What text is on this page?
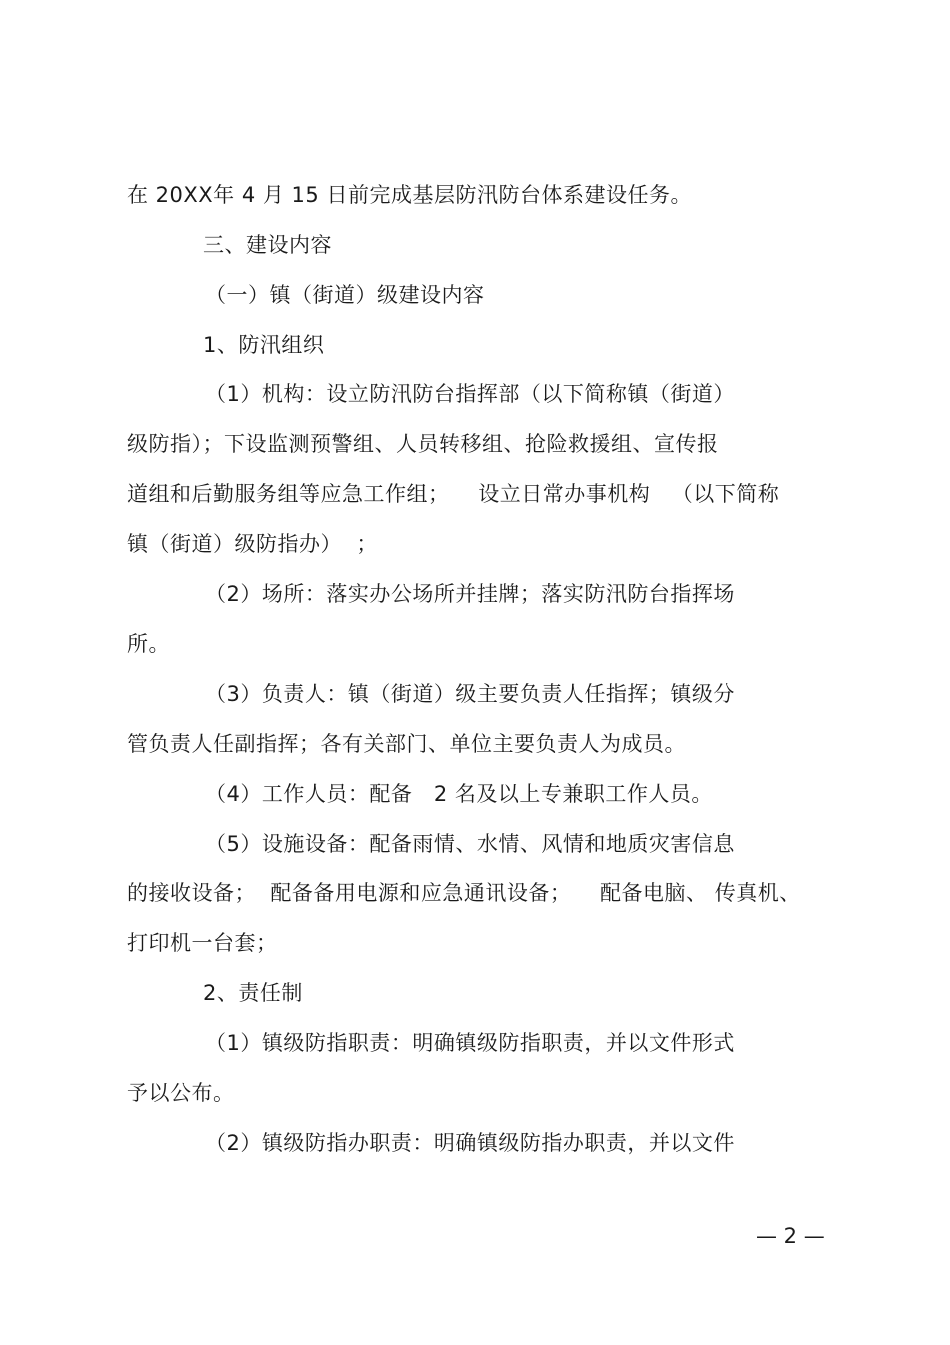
在 20XX年 4 月 15 日前完成基层防汛防台体系建设任务。
三、建设内容
（一）镇（街道）级建设内容
1、防汛组织
（1）机构：设立防汛防台指挥部（以下简称镇（街道）
级防指）；下设监测预警组、人员转移组、抢险救援组、宣传报
道组和后勤服务组等应急工作组；    设立日常办事机构   （以下简称
镇（街道）级防指办）  ；
（2）场所：落实办公场所并挂牌；落实防汛防台指挥场
所。
（3）负责人：镇（街道）级主要负责人任指挥；镇级分
管负责人任副指挥；各有关部门、单位主要负责人为成员。
（4）工作人员：配备   2 名及以上专兼职工作人员。
（5）设施设备：配备雨情、水情、风情和地质灾害信息
的接收设备；  配备备用电源和应急通讯设备；    配备电脑、 传真机、
打印机一台套；
2、责任制
（1）镇级防指职责：明确镇级防指职责，并以文件形式
予以公布。
（2）镇级防指办职责：明确镇级防指办职责，并以文件
— 2 —
